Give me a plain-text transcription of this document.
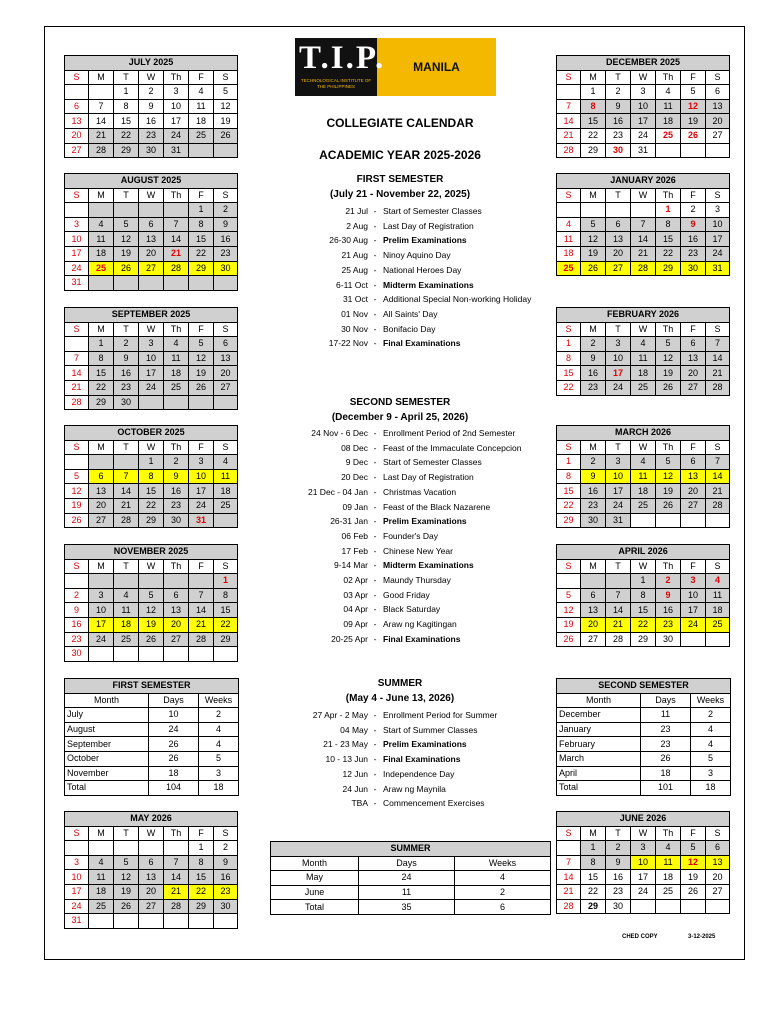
T.I.P.
TECHNOLOGICAL INSTITUTE OF THE PHILIPPINES
MANILA
COLLEGIATE CALENDAR
ACADEMIC YEAR 2025-2026
FIRST SEMESTER
(July 21 - November 22, 2025)
SECOND SEMESTER
(December 9 - April 25, 2026)
SUMMER
(May 4 - June 13, 2026)
CHED COPY	3-12-2025
JULY 2025						
S	M	T	W	Th	F	S
		1	2	3	4	5
6	7	8	9	10	11	12
13	14	15	16	17	18	19
20	21	22	23	24	25	26
27	28	29	30	31		
AUGUST 2025						
S	M	T	W	Th	F	S
					1	2
3	4	5	6	7	8	9
10	11	12	13	14	15	16
17	18	19	20	21	22	23
24	25	26	27	28	29	30
31						
SEPTEMBER 2025						
S	M	T	W	Th	F	S
	1	2	3	4	5	6
7	8	9	10	11	12	13
14	15	16	17	18	19	20
21	22	23	24	25	26	27
28	29	30				
OCTOBER 2025						
S	M	T	W	Th	F	S
			1	2	3	4
5	6	7	8	9	10	11
12	13	14	15	16	17	18
19	20	21	22	23	24	25
26	27	28	29	30	31	
NOVEMBER 2025						
S	M	T	W	Th	F	S
						1
2	3	4	5	6	7	8
9	10	11	12	13	14	15
16	17	18	19	20	21	22
23	24	25	26	27	28	29
30						
MAY 2026						
S	M	T	W	Th	F	S
					1	2
3	4	5	6	7	8	9
10	11	12	13	14	15	16
17	18	19	20	21	22	23
24	25	26	27	28	29	30
31						
DECEMBER 2025						
S	M	T	W	Th	F	S
	1	2	3	4	5	6
7	8	9	10	11	12	13
14	15	16	17	18	19	20
21	22	23	24	25	26	27
28	29	30	31			
JANUARY 2026						
S	M	T	W	Th	F	S
				1	2	3
4	5	6	7	8	9	10
11	12	13	14	15	16	17
18	19	20	21	22	23	24
25	26	27	28	29	30	31
FEBRUARY 2026						
S	M	T	W	Th	F	S
1	2	3	4	5	6	7
8	9	10	11	12	13	14
15	16	17	18	19	20	21
22	23	24	25	26	27	28
MARCH 2026						
S	M	T	W	Th	F	S
1	2	3	4	5	6	7
8	9	10	11	12	13	14
15	16	17	18	19	20	21
22	23	24	25	26	27	28
29	30	31				
APRIL 2026						
S	M	T	W	Th	F	S
			1	2	3	4
5	6	7	8	9	10	11
12	13	14	15	16	17	18
19	20	21	22	23	24	25
26	27	28	29	30		
JUNE 2026						
S	M	T	W	Th	F	S
	1	2	3	4	5	6
7	8	9	10	11	12	13
14	15	16	17	18	19	20
21	22	23	24	25	26	27
28	29	30				
21 Jul - Start of Semester Classes
2 Aug - Last Day of Registration
26-30 Aug - Prelim Examinations
21 Aug - Ninoy Aquino Day
25 Aug - National Heroes Day
6-11 Oct - Midterm Examinations
31 Oct - Additional Special Non-working Holiday
01 Nov - All Saints' Day
30 Nov - Bonifacio Day
17-22 Nov - Final Examinations
24 Nov - 6 Dec - Enrollment Period of 2nd Semester
08 Dec - Feast of the Immaculate Concepcion
9 Dec - Start of Semester Classes
20 Dec - Last Day of Registration
21 Dec - 04 Jan - Christmas Vacation
09 Jan - Feast of the Black Nazarene
26-31 Jan - Prelim Examinations
06 Feb - Founder's Day
17 Feb - Chinese New Year
9-14 Mar - Midterm Examinations
02 Apr - Maundy Thursday
03 Apr - Good Friday
04 Apr - Black Saturday
09 Apr - Araw ng Kagitingan
20-25 Apr - Final Examinations
27 Apr - 2 May - Enrollment Period for Summer
04 May - Start of Summer Classes
21 - 23 May - Prelim Examinations
10 - 13 Jun - Final Examinations
12 Jun - Independence Day
24 Jun - Araw ng Maynila
TBA - Commencement Exercises
FIRST SEMESTER		
Month	Days	Weeks
July	10	2
August	24	4
September	26	4
October	26	5
November	18	3
Total	104	18
SECOND SEMESTER		
Month	Days	Weeks
December	11	2
January	23	4
February	23	4
March	26	5
April	18	3
Total	101	18
SUMMER		
Month	Days	Weeks
May	24	4
June	11	2
Total	35	6
